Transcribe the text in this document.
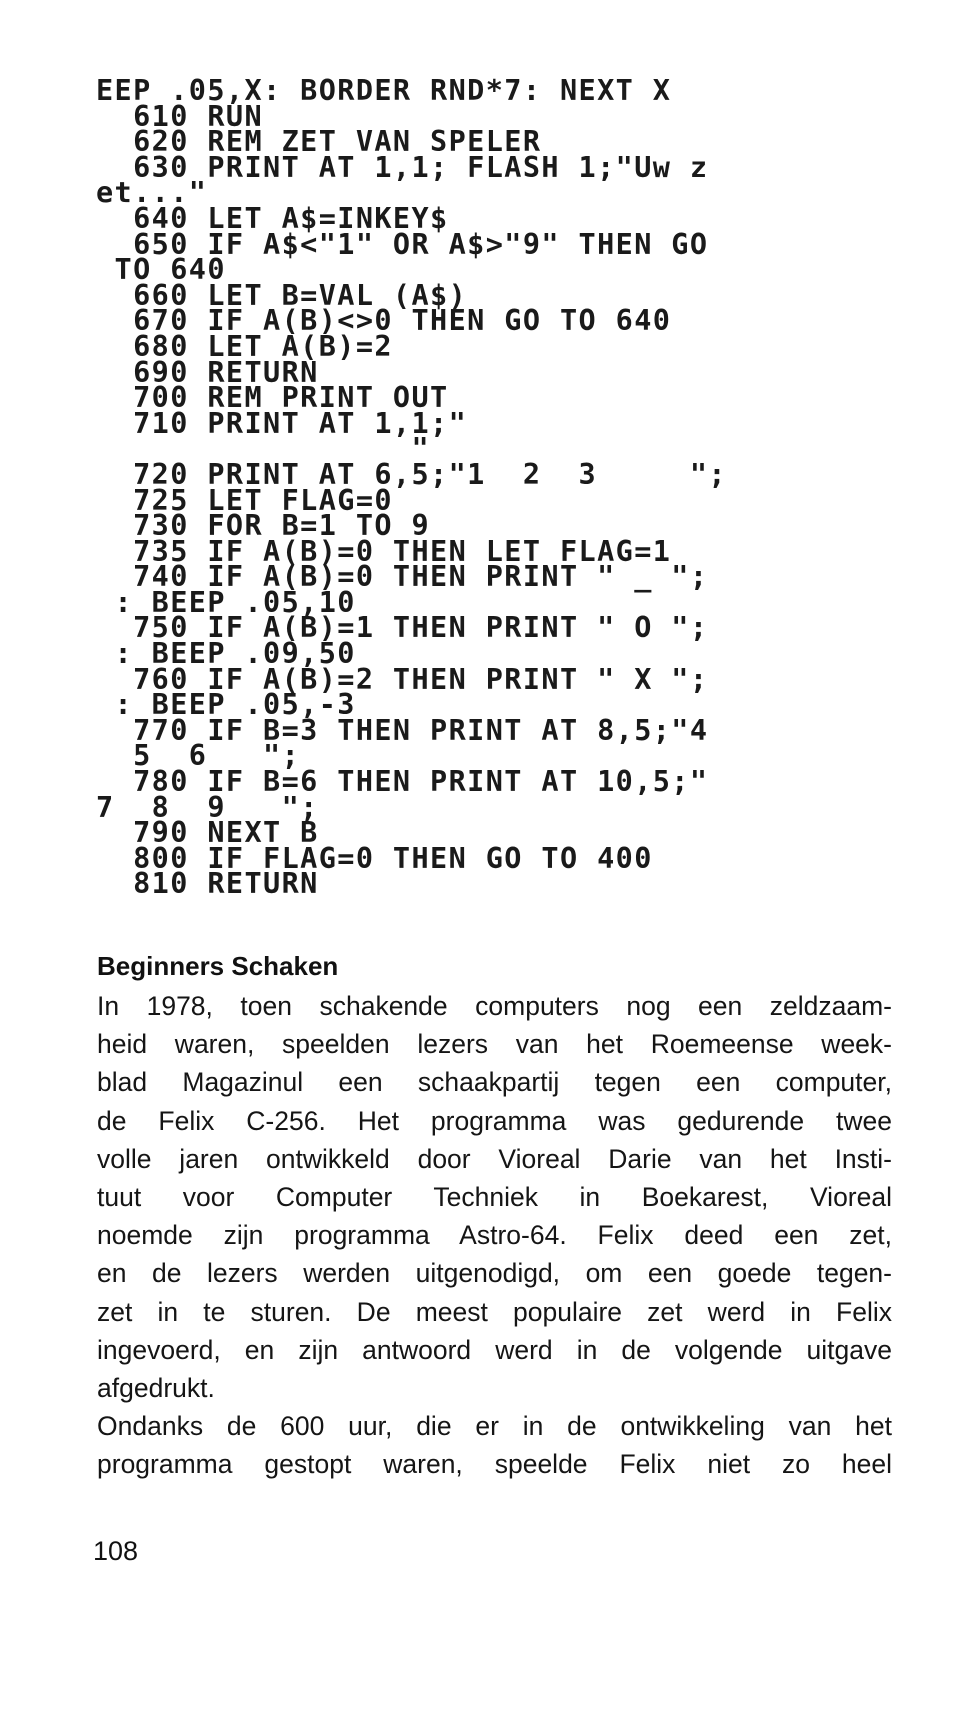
EEP .05,X: BORDER RND*7: NEXT X
610 RUN
620 REM ZET VAN SPELER
630 PRINT AT 1,1; FLASH 1;"Uw z
et..."
640 LET A$=INKEY$
650 IF A$<"1" OR A$>"9" THEN GO
TO 640
660 LET B=VAL (A$)
670 IF A(B)<>0 THEN GO TO 640
680 LET A(B)=2
690 RETURN
700 REM PRINT OUT
710 PRINT AT 1,1;"
"
720 PRINT AT 6,5;"1  2  3     ";
725 LET FLAG=0
730 FOR B=1 TO 9
735 IF A(B)=0 THEN LET FLAG=1
740 IF A(B)=0 THEN PRINT " _ ";
: BEEP .05,10
750 IF A(B)=1 THEN PRINT " O ";
: BEEP .09,50
760 IF A(B)=2 THEN PRINT " X ";
: BEEP .05,-3
770 IF B=3 THEN PRINT AT 8,5;"4
5  6   ";
780 IF B=6 THEN PRINT AT 10,5;"
7  8  9   ";
790 NEXT B
800 IF FLAG=0 THEN GO TO 400
810 RETURN
Beginners Schaken
In 1978, toen schakende computers nog een zeldzaam-
heid waren, speelden lezers van het Roemeense week-
blad Magazinul een schaakpartij tegen een computer,
de Felix C-256. Het programma was gedurende twee
volle jaren ontwikkeld door Vioreal Darie van het Insti-
tuut voor Computer Techniek in Boekarest, Vioreal
noemde zijn programma Astro-64. Felix deed een zet,
en de lezers werden uitgenodigd, om een goede tegen-
zet in te sturen. De meest populaire zet werd in Felix
ingevoerd, en zijn antwoord werd in de volgende uitgave
afgedrukt.
Ondanks de 600 uur, die er in de ontwikkeling van het
programma gestopt waren, speelde Felix niet zo heel
108
